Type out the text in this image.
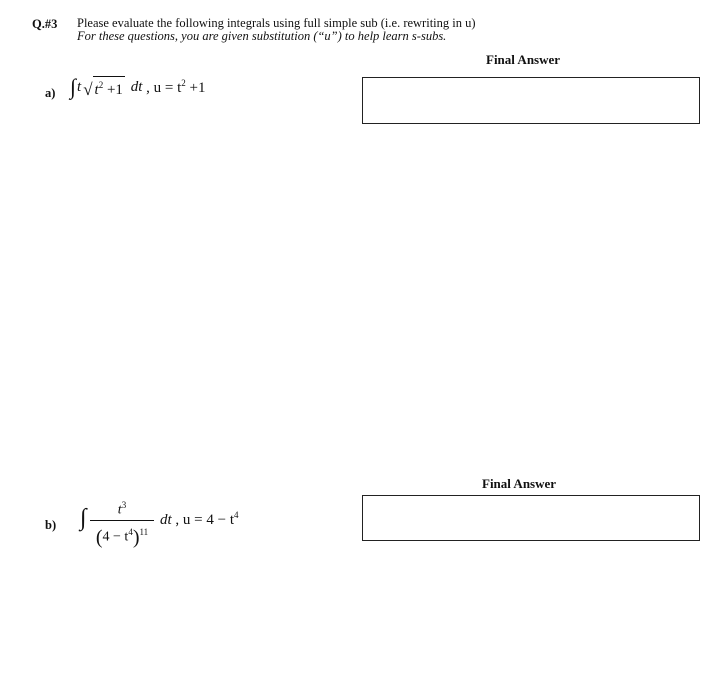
Q.#3 Please evaluate the following integrals using full simple sub (i.e. rewriting in u)
For these questions, you are given substitution (“u”) to help learn s-subs.
Final Answer
a) ∫ t √ $t^2 +1$
dt
, $u = t^2 +1$
Final Answer
b) ∫ $t^3$
$(4 - t^4)^{11}$
dt , $u = 4 - t^4$
